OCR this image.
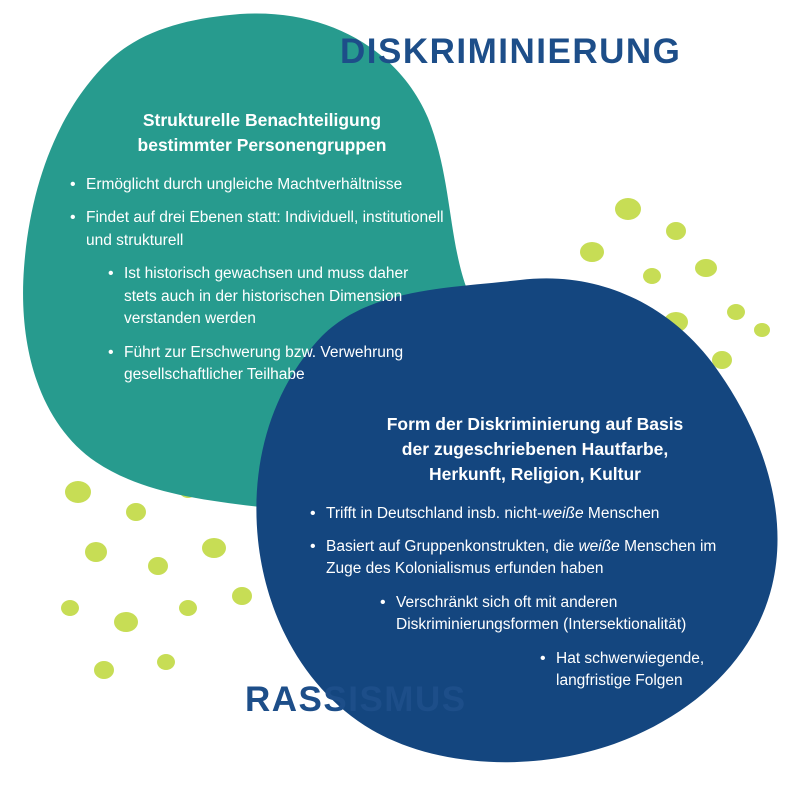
DISKRIMINIERUNG
RASSISMUS
Strukturelle Benachteiligung
bestimmter Personengruppen
• Ermöglicht durch ungleiche Machtverhältnisse
• Findet auf drei Ebenen statt: Individuell, institutionell und strukturell
• Ist historisch gewachsen und muss daher stets auch in der historischen Dimension verstanden werden
• Führt zur Erschwerung bzw. Verwehrung gesellschaftlicher Teilhabe
Form der Diskriminierung auf Basis
der zugeschriebenen Hautfarbe,
Herkunft, Religion, Kultur
• Trifft in Deutschland insb. nicht-weiße Menschen
• Basiert auf Gruppenkonstrukten, die weiße Menschen im Zuge des Kolonialismus erfunden haben
• Verschränkt sich oft mit anderen Diskriminierungsformen (Intersektionalität)
• Hat schwerwiegende, langfristige Folgen
